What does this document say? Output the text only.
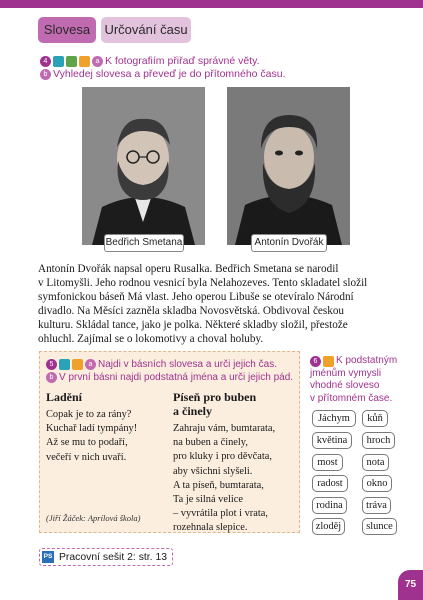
Slovesa	Určování času
4	a K fotografiím přiřaď správné věty.
b Vyhledej slovesa a převeď je do přítomného času.
Bedřich Smetana	Antonín Dvořák
Antonín Dvořák napsal operu Rusalka. Bedřich Smetana se narodil
v Litomyšli. Jeho rodnou vesnicí byla Nelahozeves. Tento skladatel složil
symfonickou báseň Má vlast. Jeho operou Libuše se otevíralo Národní
divadlo. Na Měsíci zazněla skladba Novosvětská. Obdivoval českou
kulturu. Skládal tance, jako je polka. Některé skladby složil, přestože
ohluchl. Zajímal se o lokomotivy a choval holuby.
5	a Najdi v básních slovesa a urči jejich čas.
b V první básni najdi podstatná jména a urči jejich pád.
Ladění
Copak je to za rány?
Kuchař ladí tympány!
Až se mu to podaří,
večeří v nich uvaří.
(Jiří Žáček: Aprílová škola)
Píseň pro buben
a činely
Zahraju vám, bumtarata,
na buben a činely,
pro kluky i pro děvčata,
aby všichni slyšeli.
A ta píseň, bumtarata,
Ta je silná velice
– vyvrátila plot i vrata,
rozehnala slepice.
6	K podstatným
jménům vymysli
vhodné sloveso
v přítomném čase.
Jáchym	kůň
květina	hroch
most	nota
radost	okno
rodina	tráva
zloděj	slunce
PS Pracovní sešit 2: str. 13
75
